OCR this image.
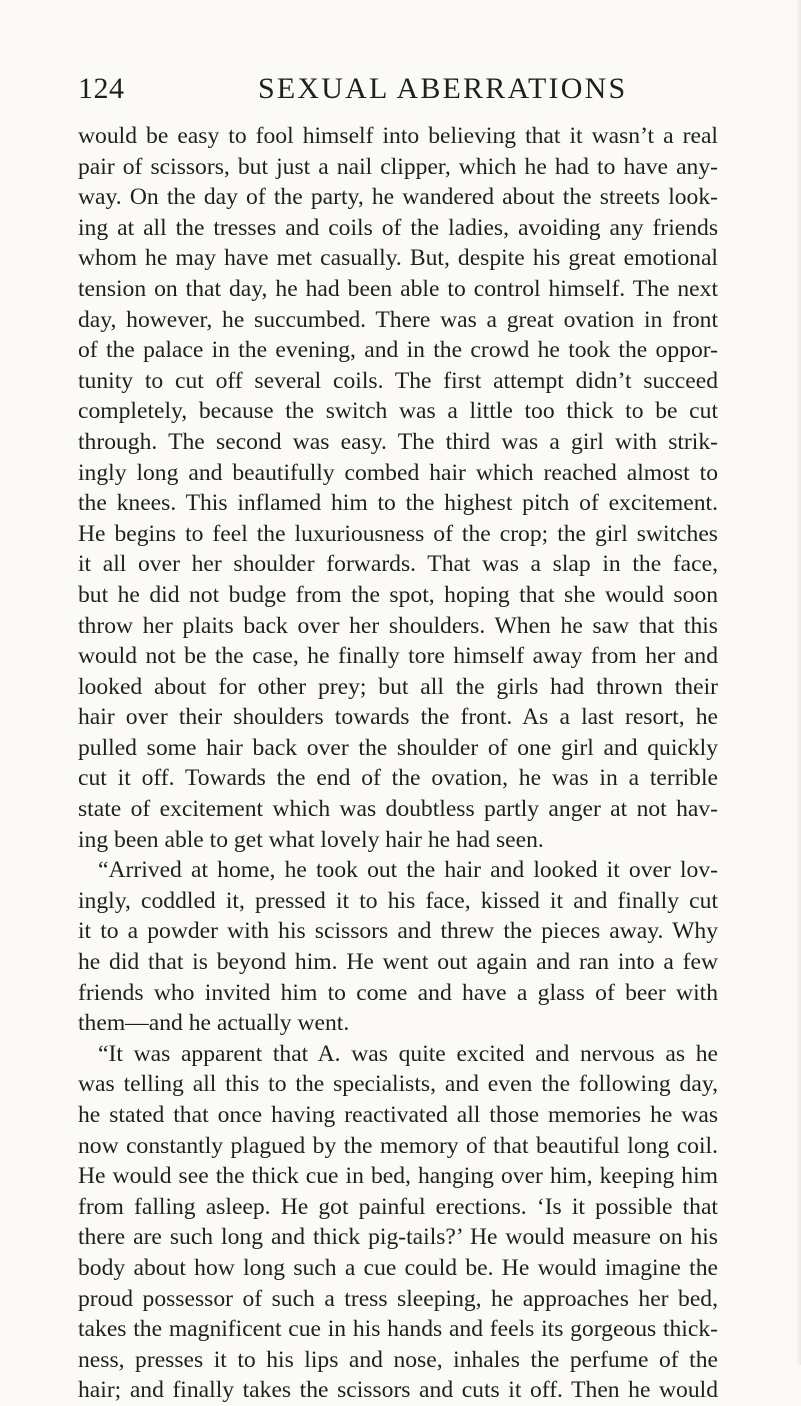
124	SEXUAL ABERRATIONS
would be easy to fool himself into believing that it wasn’t a real
pair of scissors, but just a nail clipper, which he had to have any-
way. On the day of the party, he wandered about the streets look-
ing at all the tresses and coils of the ladies, avoiding any friends
whom he may have met casually. But, despite his great emotional
tension on that day, he had been able to control himself. The next
day, however, he succumbed. There was a great ovation in front
of the palace in the evening, and in the crowd he took the oppor-
tunity to cut off several coils. The first attempt didn’t succeed
completely, because the switch was a little too thick to be cut
through. The second was easy. The third was a girl with strik-
ingly long and beautifully combed hair which reached almost to
the knees. This inflamed him to the highest pitch of excitement.
He begins to feel the luxuriousness of the crop; the girl switches
it all over her shoulder forwards. That was a slap in the face,
but he did not budge from the spot, hoping that she would soon
throw her plaits back over her shoulders. When he saw that this
would not be the case, he finally tore himself away from her and
looked about for other prey; but all the girls had thrown their
hair over their shoulders towards the front. As a last resort, he
pulled some hair back over the shoulder of one girl and quickly
cut it off. Towards the end of the ovation, he was in a terrible
state of excitement which was doubtless partly anger at not hav-
ing been able to get what lovely hair he had seen.
“Arrived at home, he took out the hair and looked it over lov-
ingly, coddled it, pressed it to his face, kissed it and finally cut
it to a powder with his scissors and threw the pieces away. Why
he did that is beyond him. He went out again and ran into a few
friends who invited him to come and have a glass of beer with
them—and he actually went.
“It was apparent that A. was quite excited and nervous as he
was telling all this to the specialists, and even the following day,
he stated that once having reactivated all those memories he was
now constantly plagued by the memory of that beautiful long coil.
He would see the thick cue in bed, hanging over him, keeping him
from falling asleep. He got painful erections. ‘Is it possible that
there are such long and thick pig-tails?’ He would measure on his
body about how long such a cue could be. He would imagine the
proud possessor of such a tress sleeping, he approaches her bed,
takes the magnificent cue in his hands and feels its gorgeous thick-
ness, presses it to his lips and nose, inhales the perfume of the
hair; and finally takes the scissors and cuts it off. Then he would
